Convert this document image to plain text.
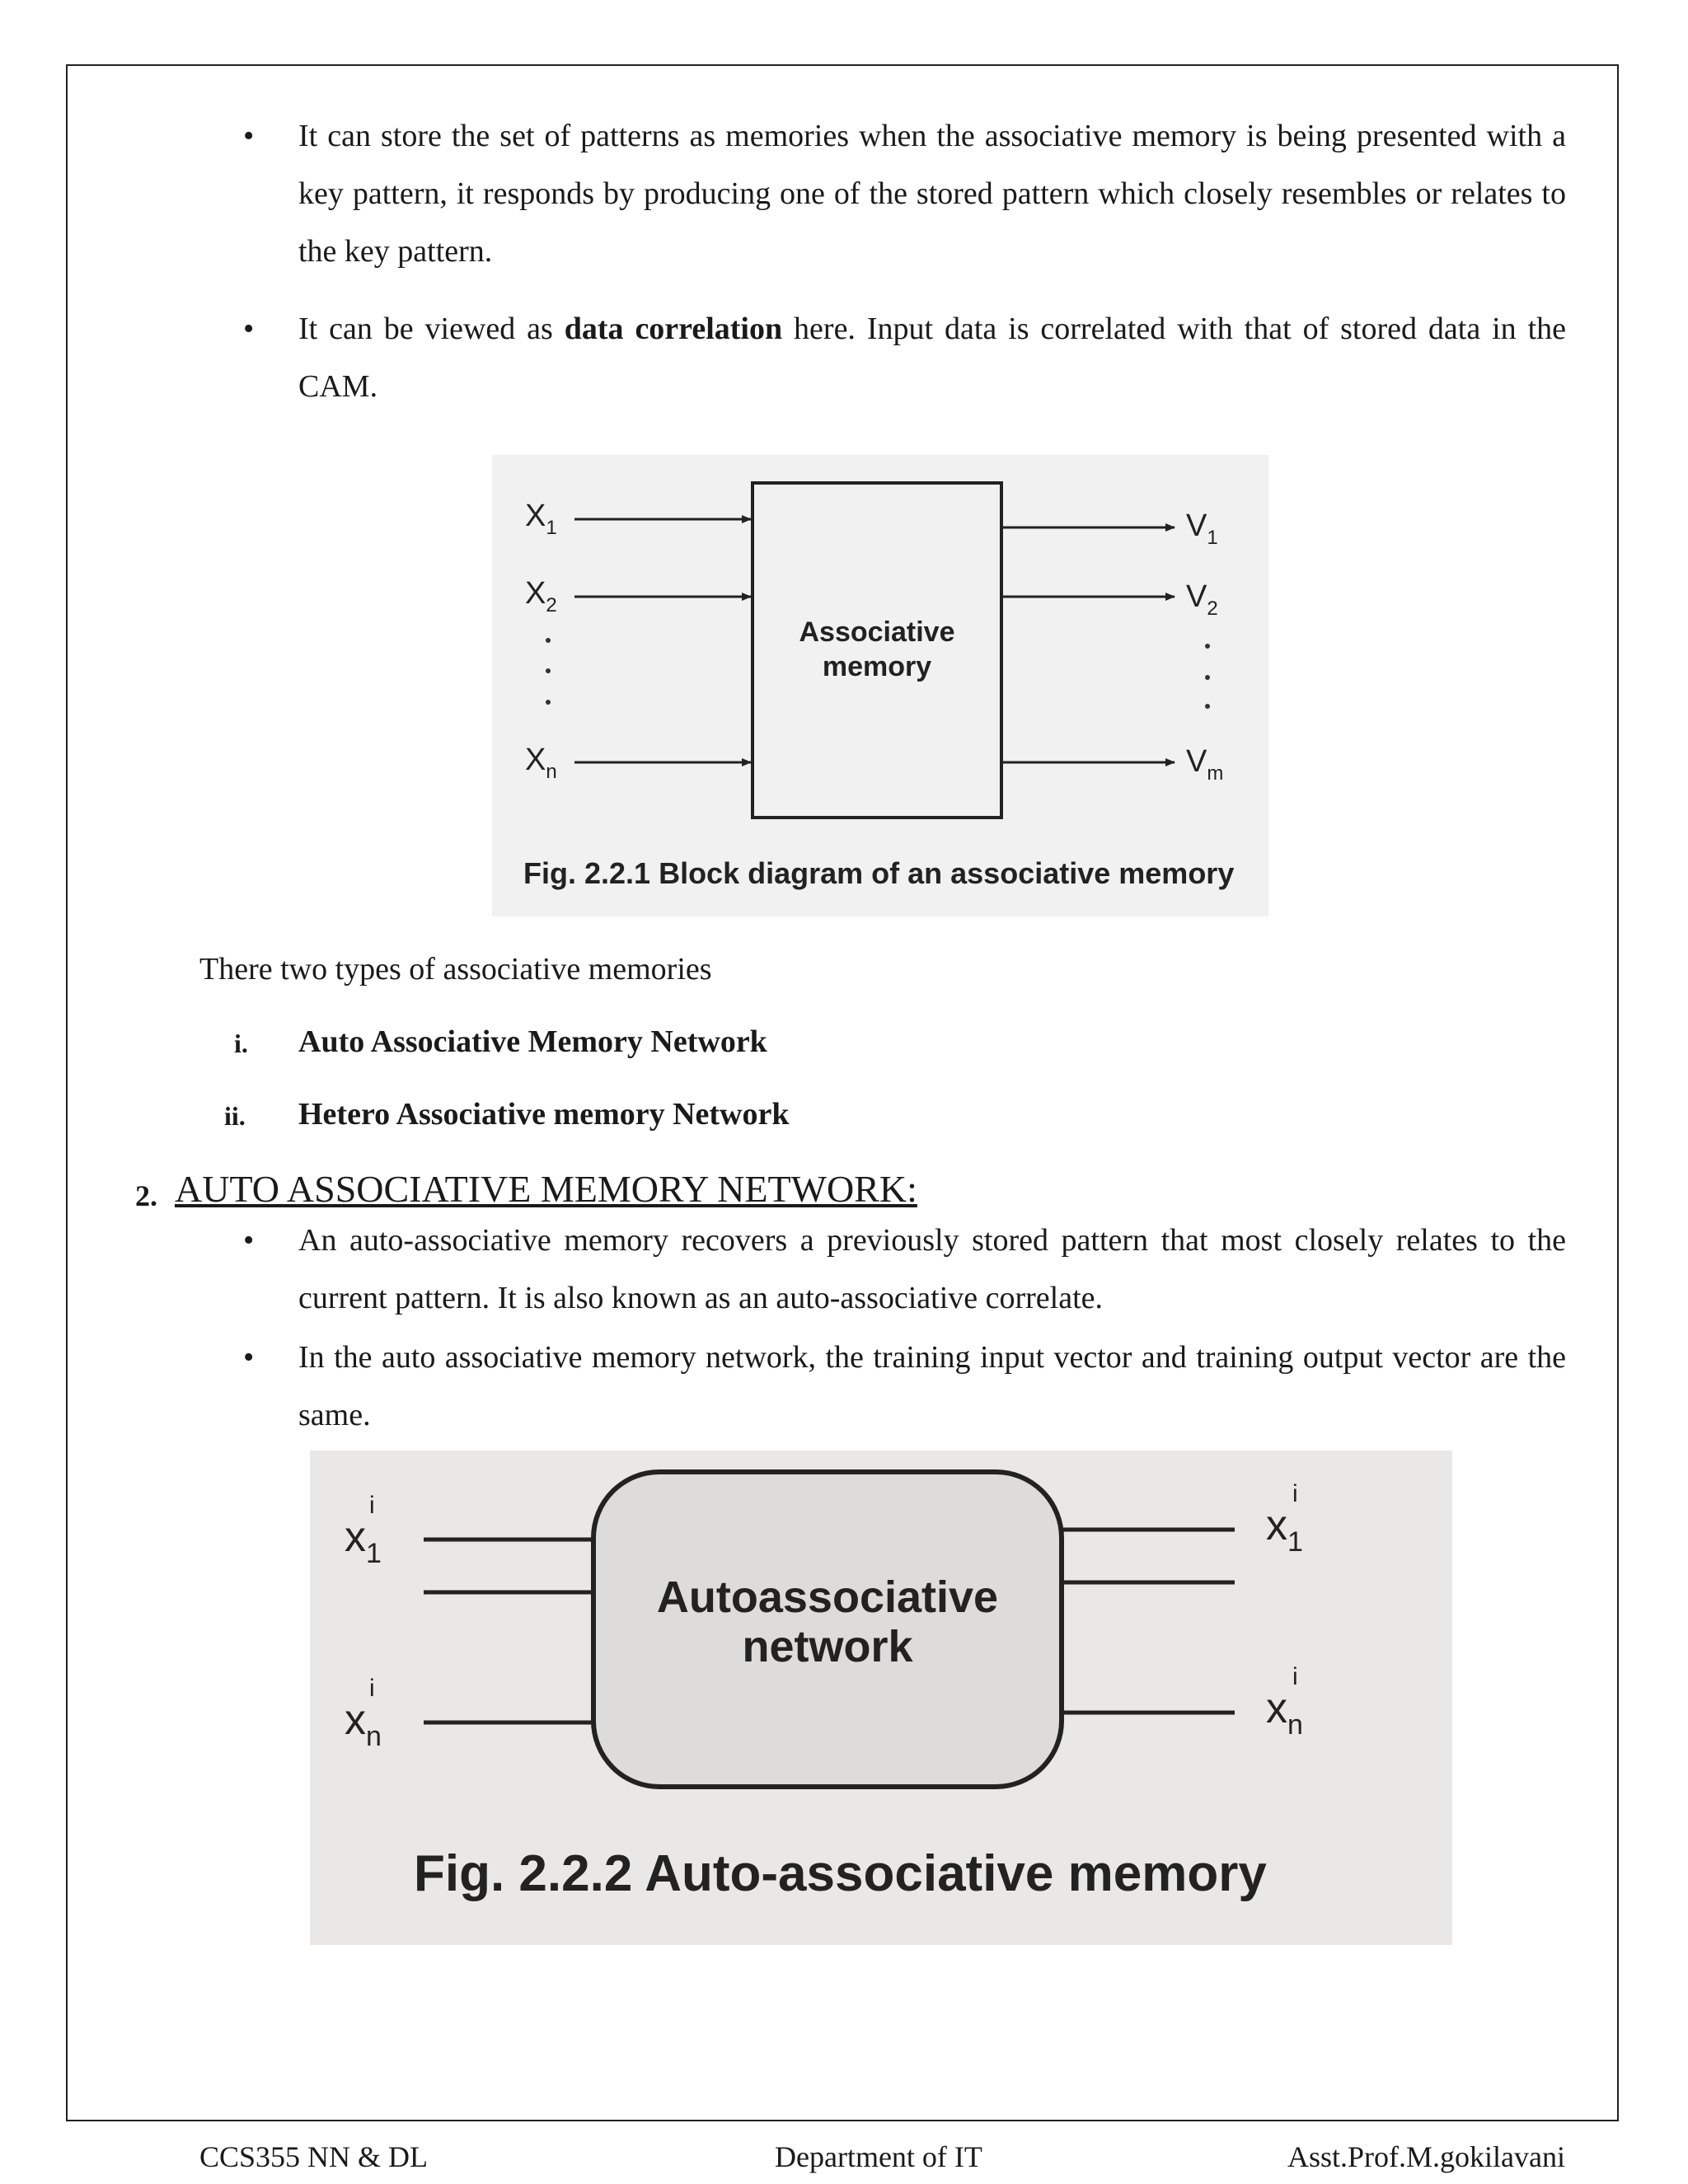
• It can store the set of patterns as memories when the associative memory is being presented with a key pattern, it responds by producing one of the stored pattern which closely resembles or relates to the key pattern.
• It can be viewed as data correlation here. Input data is correlated with that of stored data in the CAM.
$X_1$
$X_2$
$X_n$
$V_1$
$V_2$
$V_m$
Associative
memory
Fig. 2.2.1 Block diagram of an associative memory
There two types of associative memories
i. Auto Associative Memory Network
ii. Hetero Associative memory Network
2. AUTO ASSOCIATIVE MEMORY NETWORK:
• An auto-associative memory recovers a previously stored pattern that most closely relates to the current pattern. It is also known as an auto-associative correlate.
• In the auto associative memory network, the training input vector and training output vector are the same.
$x_1$
i
$x_n$
i
$x_1$
i
$x_n$
i
Autoassociative
network
Fig. 2.2.2 Auto-associative memory
CCS355 NN & DL	Department of IT	Asst.Prof.M.gokilavani
